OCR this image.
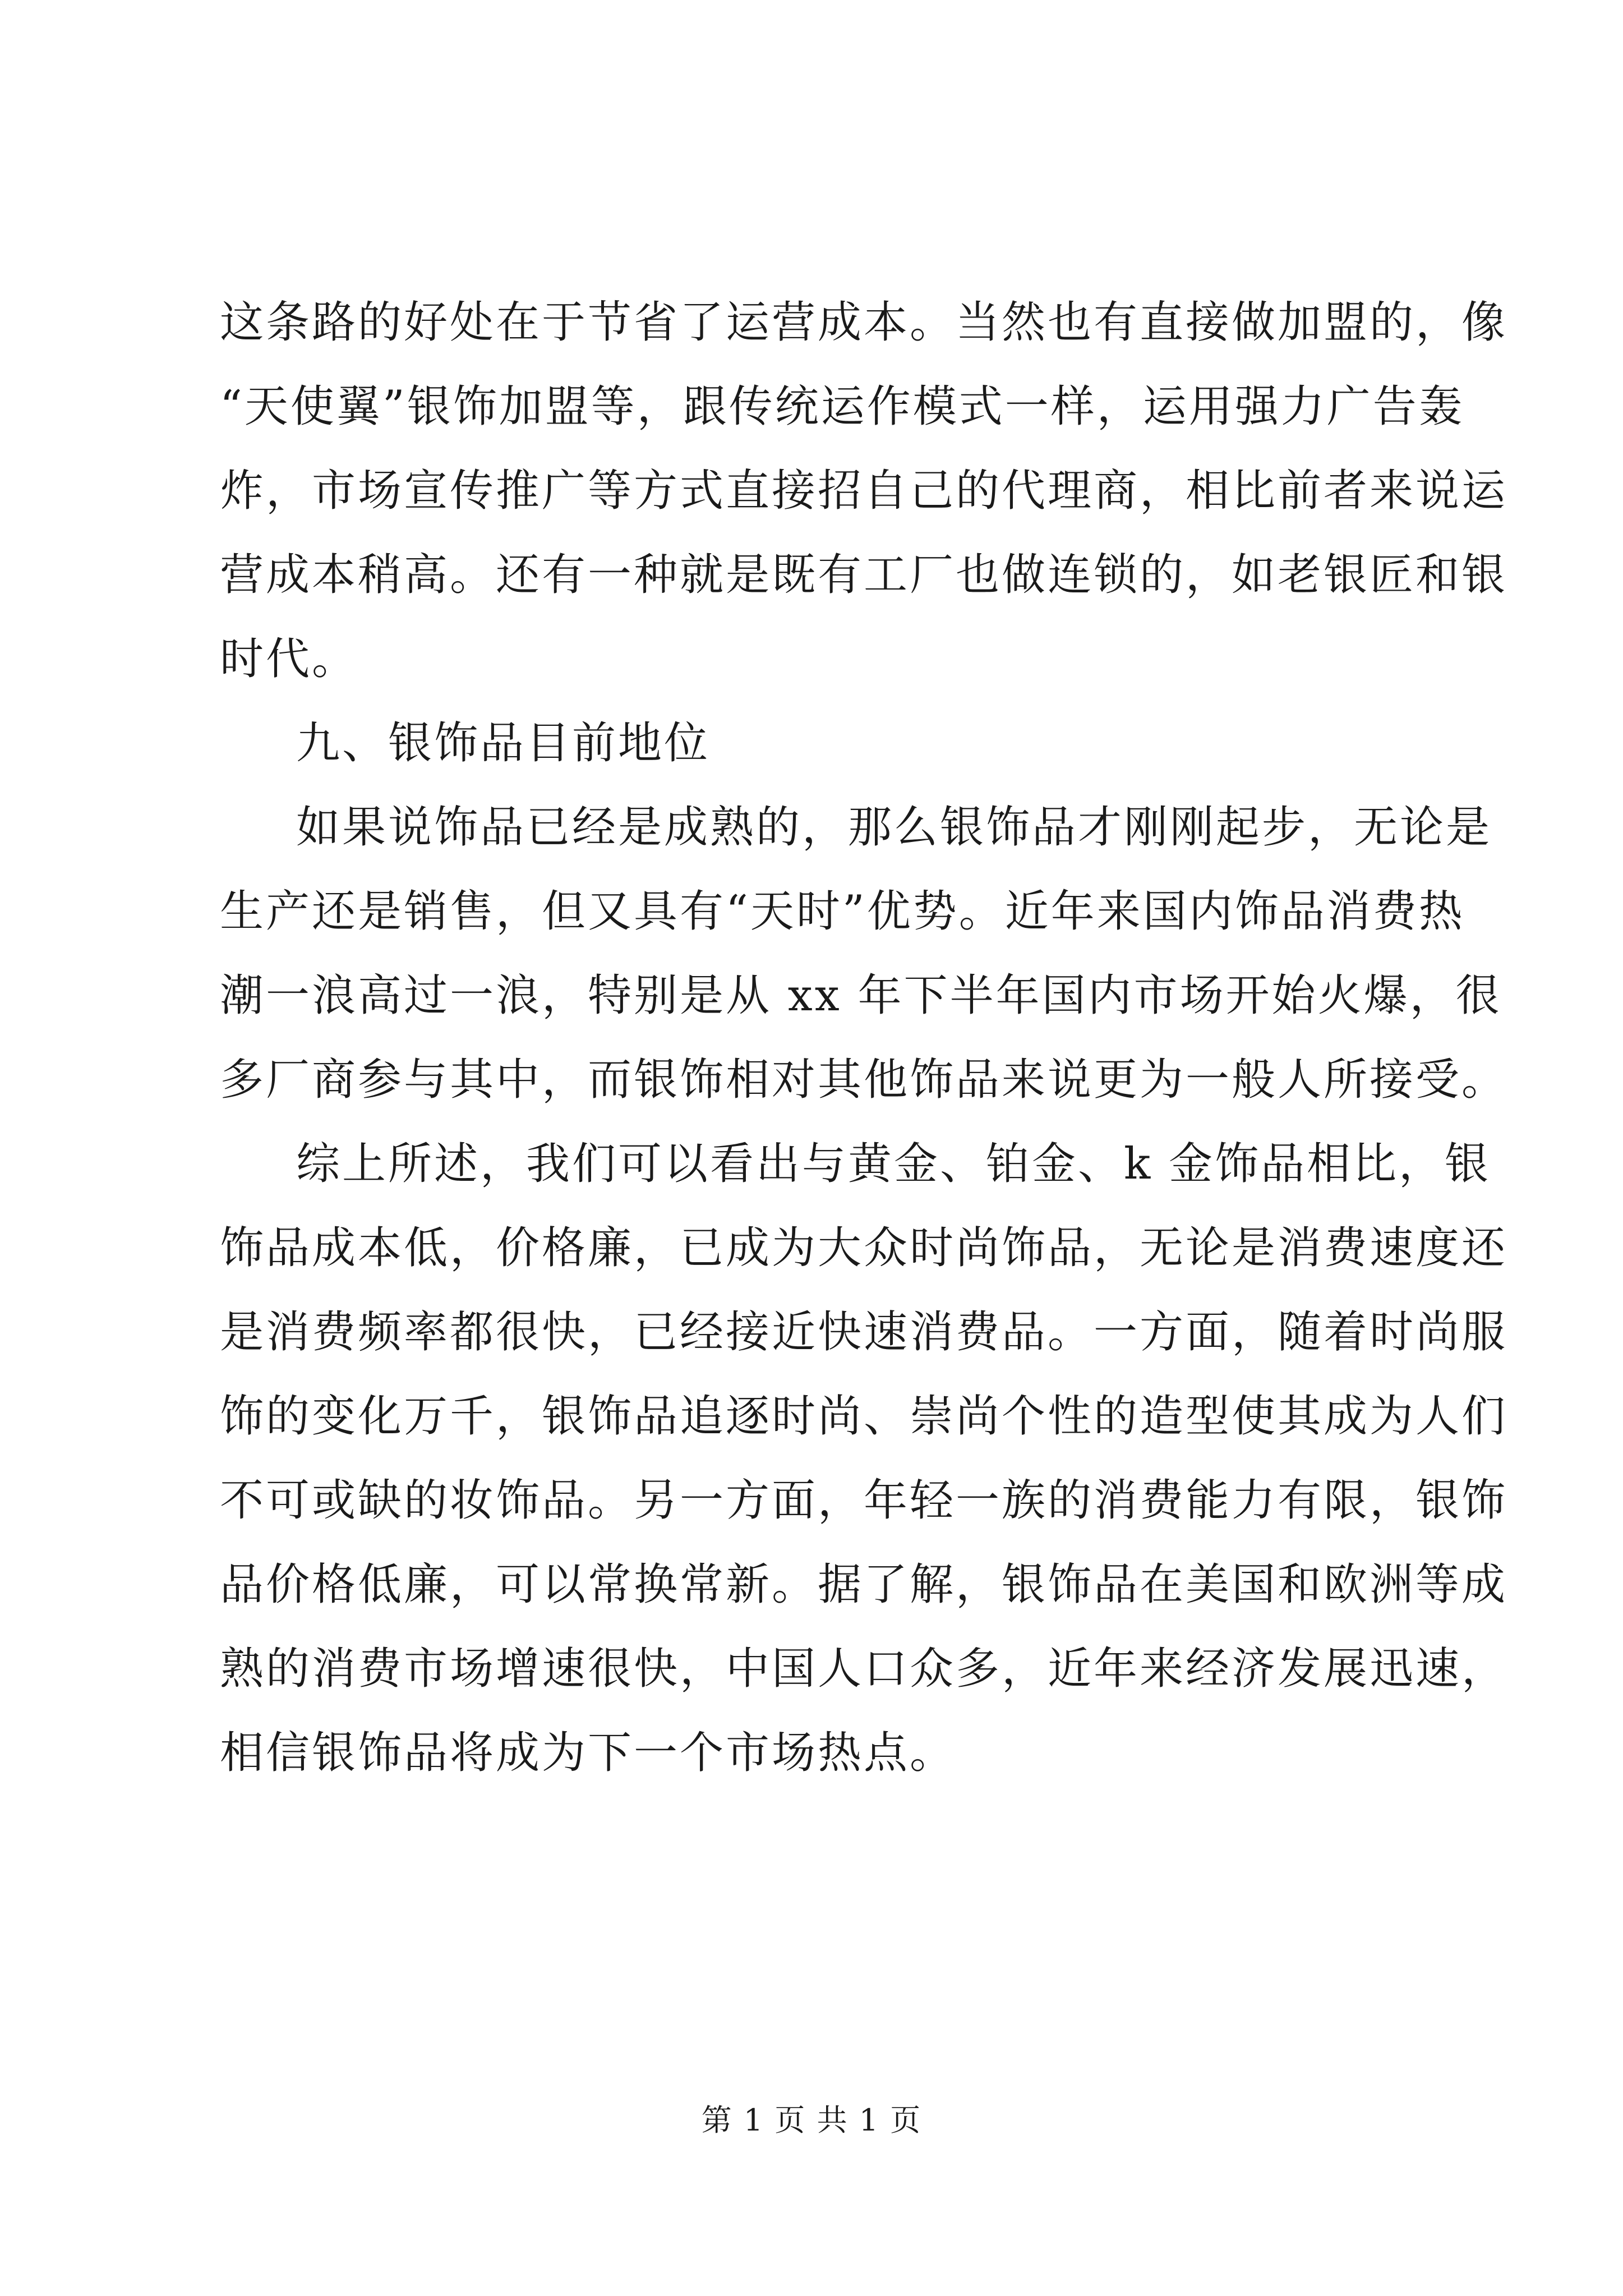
这条路的好处在于节省了运营成本。当然也有直接做加盟的，像
“天使翼”银饰加盟等，跟传统运作模式一样，运用强力广告轰
炸，市场宣传推广等方式直接招自己的代理商，相比前者来说运
营成本稍高。还有一种就是既有工厂也做连锁的，如老银匠和银
时代。
九、银饰品目前地位
如果说饰品已经是成熟的，那么银饰品才刚刚起步，无论是
生产还是销售，但又具有“天时”优势。近年来国内饰品消费热
潮一浪高过一浪，特别是从 xx 年下半年国内市场开始火爆，很
多厂商参与其中，而银饰相对其他饰品来说更为一般人所接受。
综上所述，我们可以看出与黄金、铂金、k 金饰品相比，银
饰品成本低，价格廉，已成为大众时尚饰品，无论是消费速度还
是消费频率都很快，已经接近快速消费品。一方面，随着时尚服
饰的变化万千，银饰品追逐时尚、崇尚个性的造型使其成为人们
不可或缺的妆饰品。另一方面，年轻一族的消费能力有限，银饰
品价格低廉，可以常换常新。据了解，银饰品在美国和欧洲等成
熟的消费市场增速很快，中国人口众多，近年来经济发展迅速，
相信银饰品将成为下一个市场热点。
第 1 页 共 1 页
